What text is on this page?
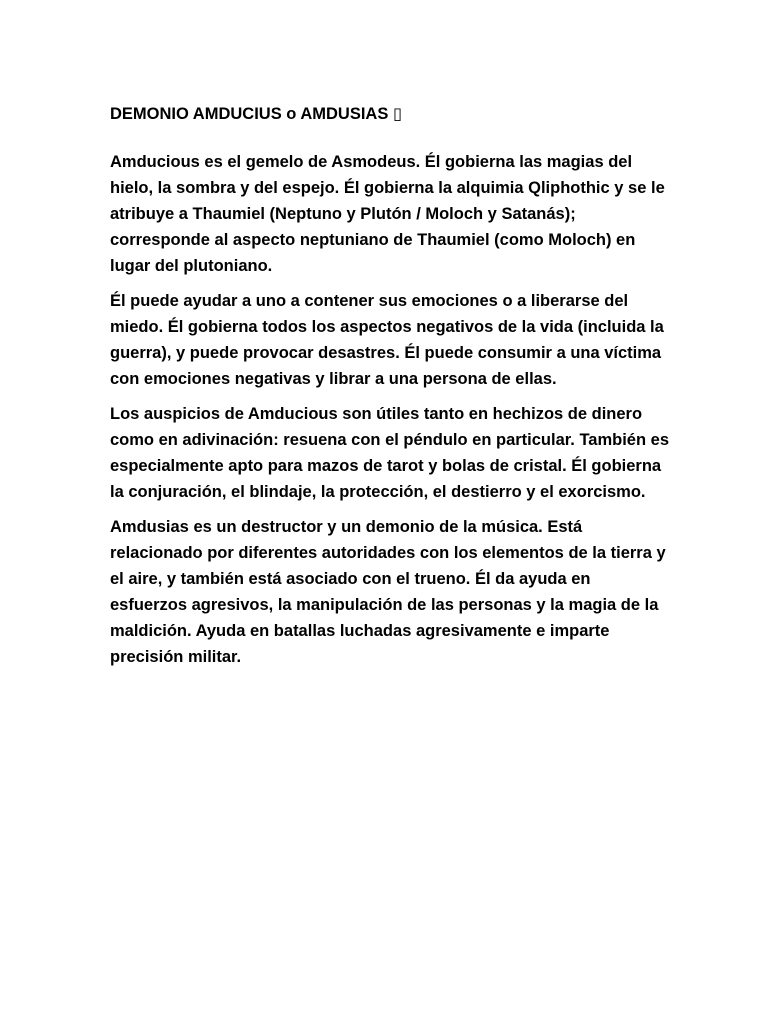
DEMONIO AMDUCIUS o AMDUSIAS ▯

Amducious es el gemelo de Asmodeus. Él gobierna las magias del hielo, la sombra y del espejo. Él gobierna la alquimia Qliphothic y se le atribuye a Thaumiel (Neptuno y Plutón / Moloch y Satanás); corresponde al aspecto neptuniano de Thaumiel (como Moloch) en lugar del plutoniano.

Él puede ayudar a uno a contener sus emociones o a liberarse del miedo. Él gobierna todos los aspectos negativos de la vida (incluida la guerra), y puede provocar desastres. Él puede consumir a una víctima con emociones negativas y librar a una persona de ellas.

Los auspicios de Amducious son útiles tanto en hechizos de dinero como en adivinación: resuena con el péndulo en particular. También es especialmente apto para mazos de tarot y bolas de cristal. Él gobierna la conjuración, el blindaje, la protección, el destierro y el exorcismo.

Amdusias es un destructor y un demonio de la música. Está relacionado por diferentes autoridades con los elementos de la tierra y el aire, y también está asociado con el trueno. Él da ayuda en esfuerzos agresivos, la manipulación de las personas y la magia de la maldición. Ayuda en batallas luchadas agresivamente e imparte precisión militar.
